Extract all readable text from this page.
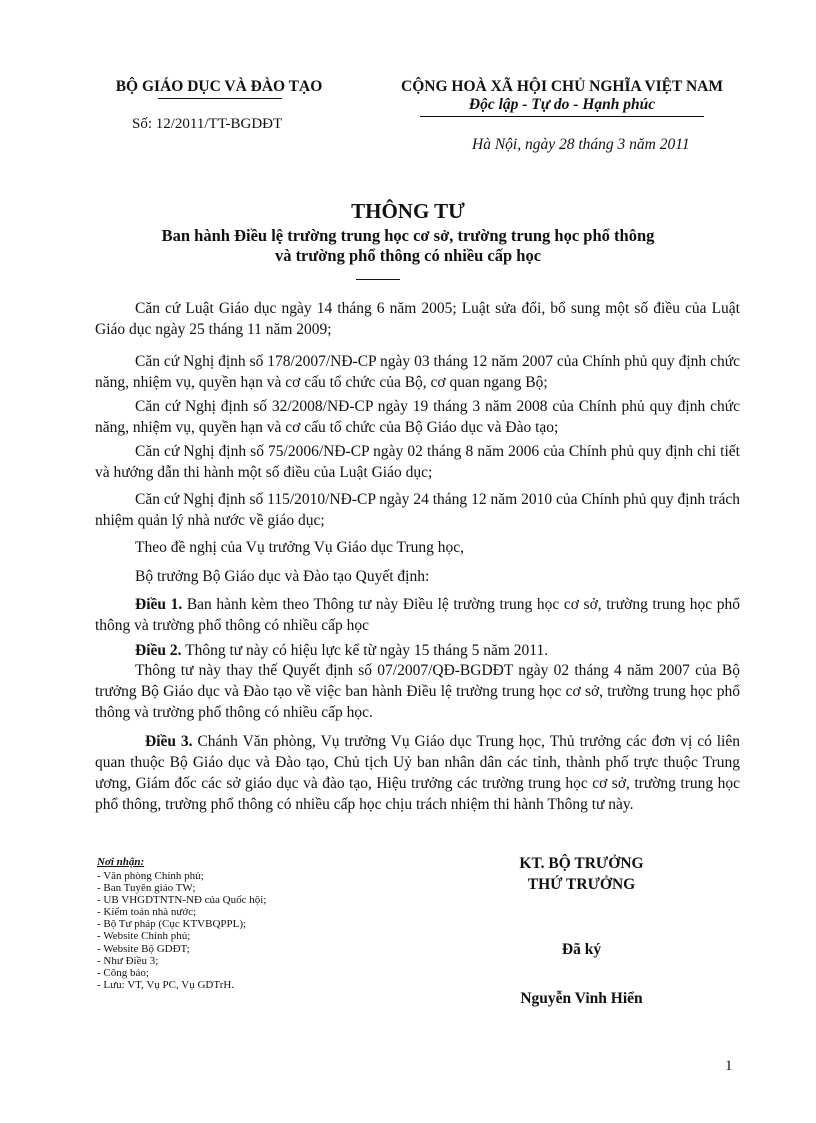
BỘ GIÁO DỤC VÀ ĐÀO TẠO
Số: 12/2011/TT-BGDĐT
CỘNG HOÀ XÃ HỘI CHỦ NGHĨA VIỆT NAM
Độc lập - Tự do - Hạnh phúc
Hà Nội, ngày 28 tháng 3 năm 2011
THÔNG TƯ
Ban hành Điều lệ trường trung học cơ sở, trường trung học phổ thông
và trường phổ thông có nhiều cấp học

Căn cứ Luật Giáo dục ngày 14 tháng 6 năm 2005; Luật sửa đổi, bổ sung một số điều của Luật Giáo dục ngày 25 tháng 11 năm 2009;

Căn cứ Nghị định số 178/2007/NĐ-CP ngày 03 tháng 12 năm 2007 của Chính phủ quy định chức năng, nhiệm vụ, quyền hạn và cơ cấu tổ chức của Bộ, cơ quan ngang Bộ;

Căn cứ Nghị định số 32/2008/NĐ-CP ngày 19 tháng 3 năm 2008 của Chính phủ quy định chức năng, nhiệm vụ, quyền hạn và cơ cấu tổ chức của Bộ Giáo dục và Đào tạo;

Căn cứ Nghị định số 75/2006/NĐ-CP ngày 02 tháng 8 năm 2006 của Chính phủ quy định chi tiết và hướng dẫn thi hành một số điều của Luật Giáo dục;

Căn cứ Nghị định số 115/2010/NĐ-CP ngày 24 tháng 12 năm 2010 của Chính phủ quy định trách nhiệm quản lý nhà nước về giáo dục;

Theo đề nghị của Vụ trưởng Vụ Giáo dục Trung học,

Bộ trưởng Bộ Giáo dục và Đào tạo Quyết định:

Điều 1. Ban hành kèm theo Thông tư này Điều lệ trường trung học cơ sở, trường trung học phổ thông và trường phổ thông có nhiều cấp học

Điều 2. Thông tư này có hiệu lực kể từ ngày 15 tháng 5 năm 2011.

Thông tư này thay thế Quyết định số 07/2007/QĐ-BGDĐT ngày 02 tháng 4 năm 2007 của Bộ trưởng Bộ Giáo dục và Đào tạo về việc ban hành Điều lệ trường trung học cơ sở, trường trung học phổ thông và trường phổ thông có nhiều cấp học.

Điều 3. Chánh Văn phòng, Vụ trưởng Vụ Giáo dục Trung học, Thủ trưởng các đơn vị có liên quan thuộc Bộ Giáo dục và Đào tạo, Chủ tịch Uỷ ban nhân dân các tỉnh, thành phố trực thuộc Trung ương, Giám đốc các sở giáo dục và đào tạo, Hiệu trưởng các trường trung học cơ sở, trường trung học phổ thông, trường phổ thông có nhiều cấp học chịu trách nhiệm thi hành Thông tư này.

Nơi nhận:
- Văn phòng Chính phủ;
- Ban Tuyên giáo TW;
- UB VHGDTNTN-NĐ của Quốc hội;
- Kiểm toán nhà nước;
- Bộ Tư pháp (Cục KTVBQPPL);
- Website Chính phủ;
- Website Bộ GDĐT;
- Như Điều 3;
- Công báo;
- Lưu: VT, Vụ PC, Vụ GDTrH.
KT. BỘ TRƯỞNG
THỨ TRƯỞNG
Đã ký
Nguyễn Vinh Hiển
1
